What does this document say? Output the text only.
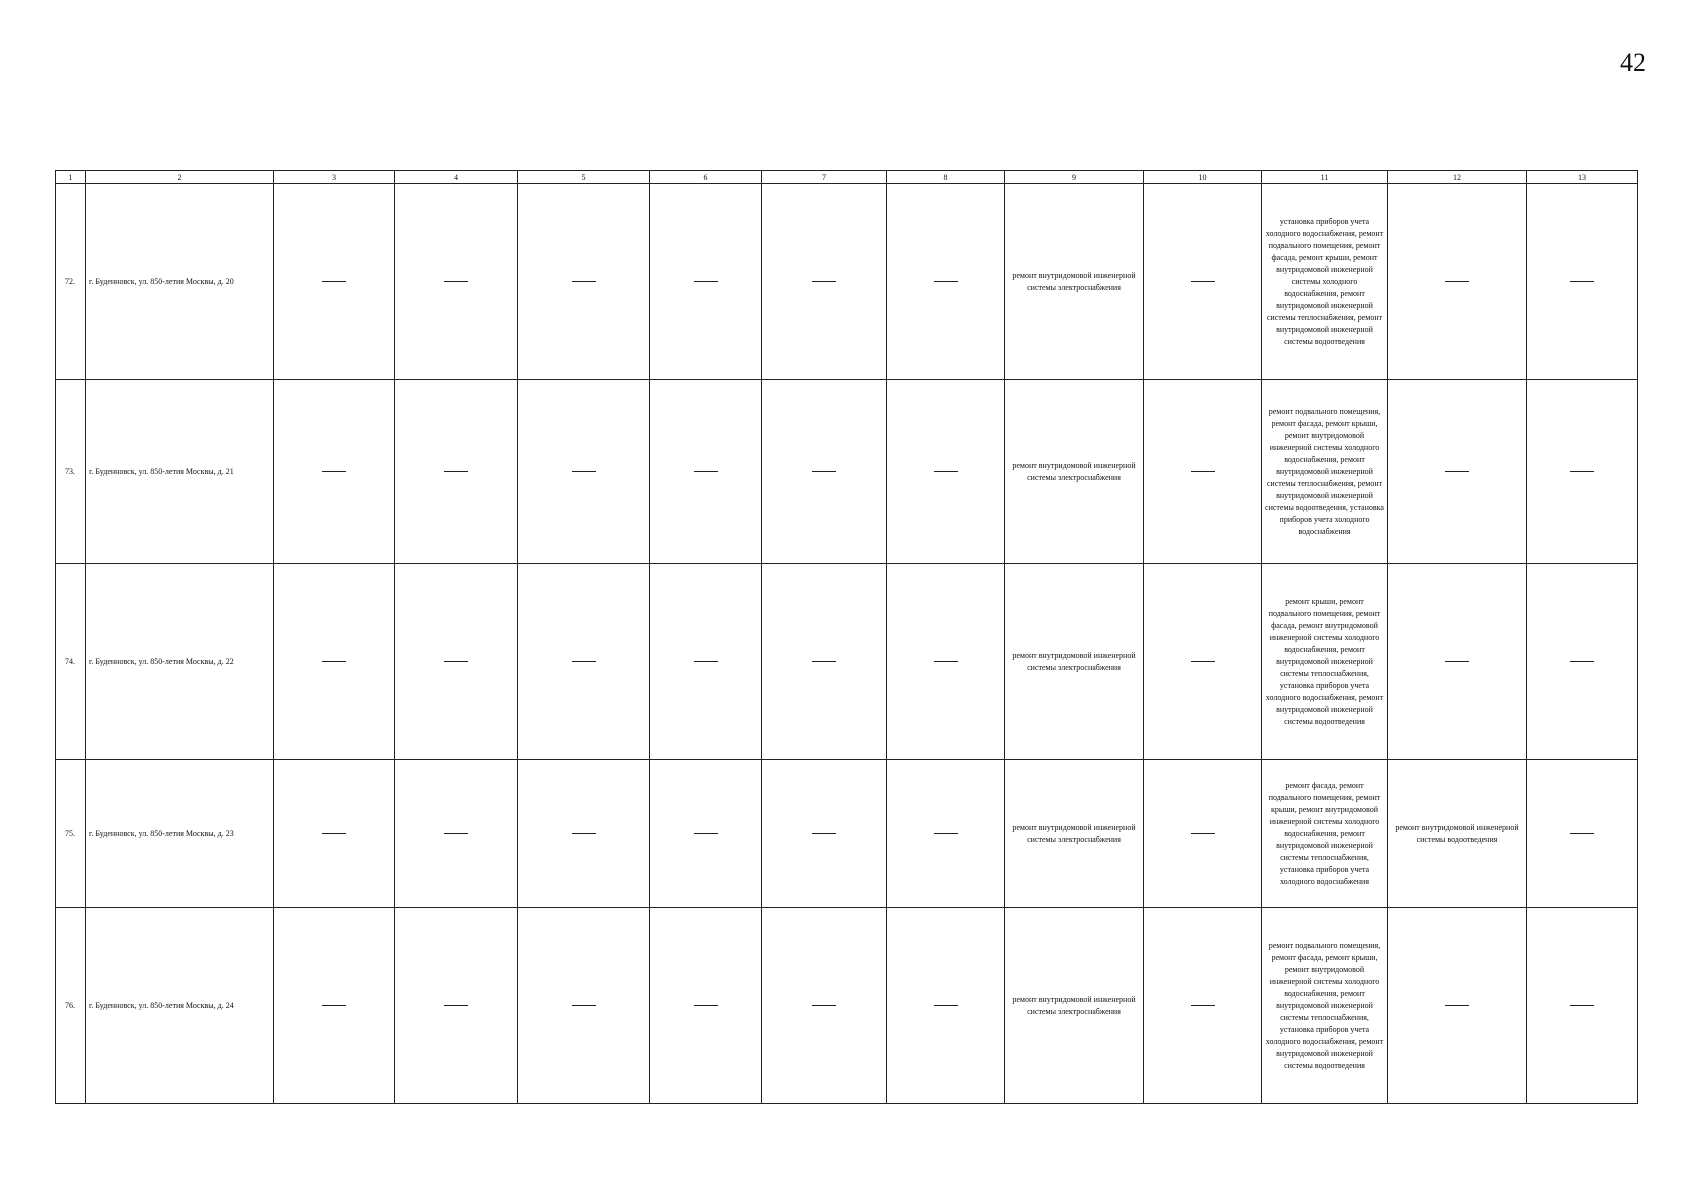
42
1	2	3	4	5	6	7	8	9	10	11	12	13
72.	г. Буденновск, ул. 850-летия Москвы, д. 20							ремонт внутридомовой инженерной системы электроснабжения		установка приборов учета холодного водоснабжения, ремонт подвального помещения, ремонт фасада, ремонт крыши, ремонт внутридомовой инженерной системы холодного водоснабжения, ремонт внутридомовой инженерной системы теплоснабжения, ремонт внутридомовой инженерной системы водоотведения		
73.	г. Буденновск, ул. 850-летия Москвы, д. 21							ремонт внутридомовой инженерной системы электроснабжения		ремонт подвального помещения, ремонт фасада, ремонт крыши, ремонт внутридомовой инженерной системы холодного водоснабжения, ремонт внутридомовой инженерной системы теплоснабжения, ремонт внутридомовой инженерной системы водоотведения, установка приборов учета холодного водоснабжения		
74.	г. Буденновск, ул. 850-летия Москвы, д. 22							ремонт внутридомовой инженерной системы электроснабжения		ремонт крыши, ремонт подвального помещения, ремонт фасада, ремонт внутридомовой инженерной системы холодного водоснабжения, ремонт внутридомовой инженерной системы теплоснабжения, установка приборов учета холодного водоснабжения, ремонт внутридомовой инженерной системы водоотведения		
75.	г. Буденновск, ул. 850-летия Москвы, д. 23							ремонт внутридомовой инженерной системы электроснабжения		ремонт фасада, ремонт подвального помещения, ремонт крыши, ремонт внутридомовой инженерной системы холодного водоснабжения, ремонт внутридомовой инженерной системы теплоснабжения, установка приборов учета холодного водоснабжения	ремонт внутридомовой инженерной системы водоотведения	
76.	г. Буденновск, ул. 850-летия Москвы, д. 24							ремонт внутридомовой инженерной системы электроснабжения		ремонт подвального помещения, ремонт фасада, ремонт крыши, ремонт внутридомовой инженерной системы холодного водоснабжения, ремонт внутридомовой инженерной системы теплоснабжения, установка приборов учета холодного водоснабжения, ремонт внутридомовой инженерной системы водоотведения		
